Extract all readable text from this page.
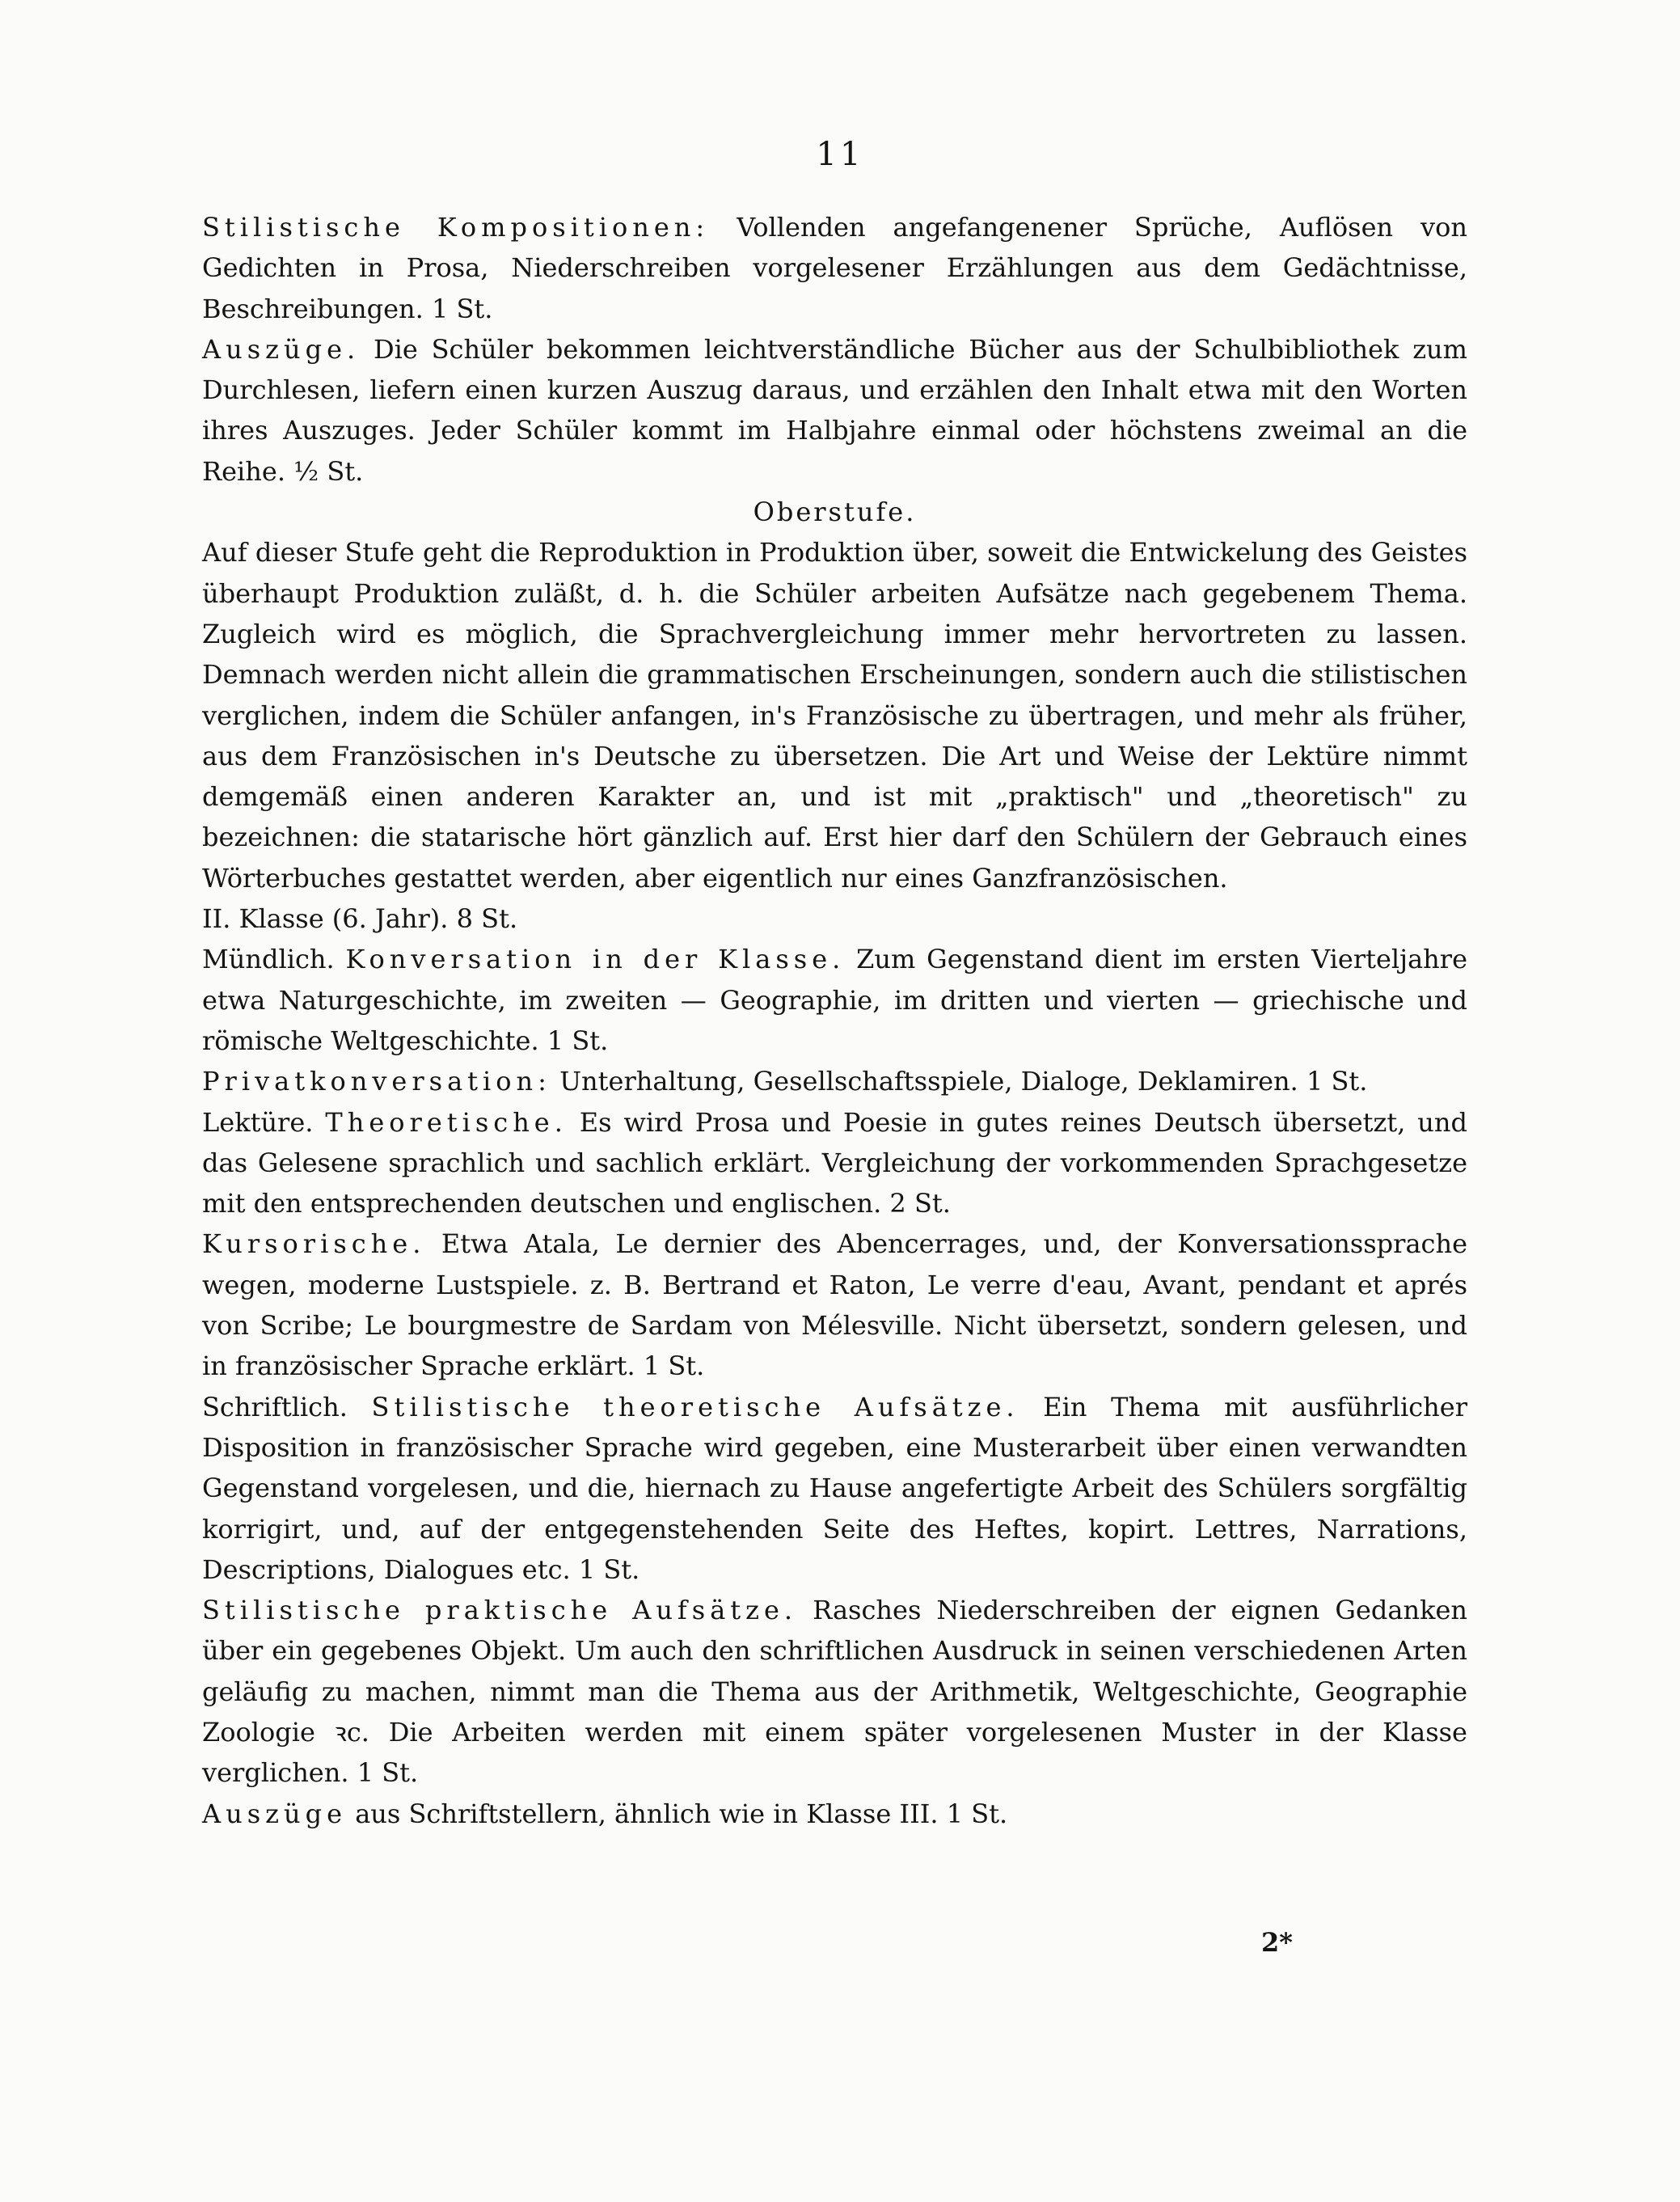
11

Stilistische Kompositionen: Vollenden angefangenener Sprüche, Auflösen von Gedichten in Prosa, Niederschreiben vorgelesener Erzählungen aus dem Gedächtnisse, Beschreibungen. 1 St.

Auszüge. Die Schüler bekommen leichtverständliche Bücher aus der Schulbibliothek zum Durchlesen, liefern einen kurzen Auszug daraus, und erzählen den Inhalt etwa mit den Worten ihres Auszuges. Jeder Schüler kommt im Halbjahre einmal oder höchstens zweimal an die Reihe. ½ St.

Oberstufe.

Auf dieser Stufe geht die Reproduktion in Produktion über, soweit die Entwickelung des Geistes überhaupt Produktion zuläßt, d. h. die Schüler arbeiten Aufsätze nach gegebenem Thema. Zugleich wird es möglich, die Sprachvergleichung immer mehr hervortreten zu lassen. Demnach werden nicht allein die grammatischen Erscheinungen, sondern auch die stilistischen verglichen, indem die Schüler anfangen, in's Französische zu übertragen, und mehr als früher, aus dem Französischen in's Deutsche zu übersetzen. Die Art und Weise der Lektüre nimmt demgemäß einen anderen Karakter an, und ist mit „praktisch" und „theoretisch" zu bezeichnen: die statarische hört gänzlich auf. Erst hier darf den Schülern der Gebrauch eines Wörterbuches gestattet werden, aber eigentlich nur eines Ganzfranzösischen.

II. Klasse (6. Jahr). 8 St.

Mündlich. Konversation in der Klasse. Zum Gegenstand dient im ersten Vierteljahre etwa Naturgeschichte, im zweiten — Geographie, im dritten und vierten — griechische und römische Weltgeschichte. 1 St.

Privatkonversation: Unterhaltung, Gesellschaftsspiele, Dialoge, Deklamiren. 1 St.

Lektüre. Theoretische. Es wird Prosa und Poesie in gutes reines Deutsch übersetzt, und das Gelesene sprachlich und sachlich erklärt. Vergleichung der vorkommenden Sprachgesetze mit den entsprechenden deutschen und englischen. 2 St.

Kursorische. Etwa Atala, Le dernier des Abencerrages, und, der Konversationssprache wegen, moderne Lustspiele. z. B. Bertrand et Raton, Le verre d'eau, Avant, pendant et aprés von Scribe; Le bourgmestre de Sardam von Mélesville. Nicht übersetzt, sondern gelesen, und in französischer Sprache erklärt. 1 St.

Schriftlich. Stilistische theoretische Aufsätze. Ein Thema mit ausführlicher Disposition in französischer Sprache wird gegeben, eine Musterarbeit über einen verwandten Gegenstand vorgelesen, und die, hiernach zu Hause angefertigte Arbeit des Schülers sorgfältig korrigirt, und, auf der entgegenstehenden Seite des Heftes, kopirt. Lettres, Narrations, Descriptions, Dialogues etc. 1 St.

Stilistische praktische Aufsätze. Rasches Niederschreiben der eignen Gedanken über ein gegebenes Objekt. Um auch den schriftlichen Ausdruck in seinen verschiedenen Arten geläufig zu machen, nimmt man die Thema aus der Arithmetik, Weltgeschichte, Geographie Zoologie ꝛc. Die Arbeiten werden mit einem später vorgelesenen Muster in der Klasse verglichen. 1 St.

Auszüge aus Schriftstellern, ähnlich wie in Klasse III. 1 St.

2*
